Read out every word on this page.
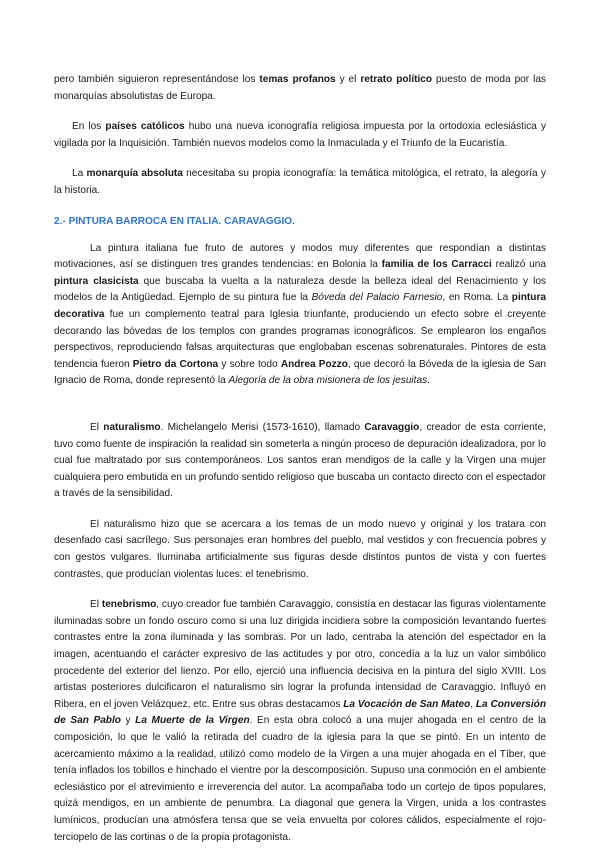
pero también siguieron representándose los temas profanos y el retrato político puesto de moda por las monarquías absolutistas de Europa.

En los países católicos hubo una nueva iconografía religiosa impuesta por la ortodoxia eclesiástica y vigilada por la Inquisición. También nuevos modelos como la Inmaculada y el Triunfo de la Eucaristía.

La monarquía absoluta necesitaba su propia iconografía: la temática mitológica, el retrato, la alegoría y la historia.

2.- PINTURA BARROCA EN ITALIA. CARAVAGGIO.

La pintura italiana fue fruto de autores y modos muy diferentes que respondían a distintas motivaciones, así se distinguen tres grandes tendencias: en Bolonia la familia de los Carracci realizó una pintura clasicista que buscaba la vuelta a la naturaleza desde la belleza ideal del Renacimiento y los modelos de la Antigüedad. Ejemplo de su pintura fue la Bóveda del Palacio Farnesio, en Roma. La pintura decorativa fue un complemento teatral para Iglesia triunfante, produciendo un efecto sobre el creyente decorando las bóvedas de los templos con grandes programas iconográficos. Se emplearon los engaños perspectivos, reproduciendo falsas arquitecturas que englobaban escenas sobrenaturales. Pintores de esta tendencia fueron Pietro da Cortona y sobre todo Andrea Pozzo, que decoró la Bóveda de la iglesia de San Ignacio de Roma, donde representó la Alegoría de la obra misionera de los jesuitas.

El naturalismo. Michelangelo Merisi (1573-1610), llamado Caravaggio, creador de esta corriente, tuvo como fuente de inspiración la realidad sin someterla a ningún proceso de depuración idealizadora, por lo cual fue maltratado por sus contemporáneos. Los santos eran mendigos de la calle y la Virgen una mujer cualquiera pero embutida en un profundo sentido religioso que buscaba un contacto directo con el espectador a través de la sensibilidad.

El naturalismo hizo que se acercara a los temas de un modo nuevo y original y los tratara con desenfado casi sacrílego. Sus personajes eran hombres del pueblo, mal vestidos y con frecuencia pobres y con gestos vulgares. Iluminaba artificialmente sus figuras desde distintos puntos de vista y con fuertes contrastes, que producían violentas luces: el tenebrismo.

El tenebrismo, cuyo creador fue también Caravaggio, consistía en destacar las figuras violentamente iluminadas sobre un fondo oscuro como si una luz dirigida incidiera sobre la composición levantando fuertes contrastes entre la zona iluminada y las sombras. Por un lado, centraba la atención del espectador en la imagen, acentuando el carácter expresivo de las actitudes y por otro, concedía a la luz un valor simbólico procedente del exterior del lienzo. Por ello, ejerció una influencia decisiva en la pintura del siglo XVIII. Los artistas posteriores dulcificaron el naturalismo sin lograr la profunda intensidad de Caravaggio. Influyó en Ribera, en el joven Velázquez, etc. Entre sus obras destacamos La Vocación de San Mateo, La Conversión de San Pablo y La Muerte de la Virgen. En esta obra colocó a una mujer ahogada en el centro de la composición, lo que le valió la retirada del cuadro de la iglesia para la que se pintó. En un intento de acercamiento máximo a la realidad, utilizó como modelo de la Virgen a una mujer ahogada en el Tíber, que tenía inflados los tobillos e hinchado el vientre por la descomposición. Supuso una conmoción en el ambiente eclesiástico por el atrevimiento e irreverencia del autor. La acompañaba todo un cortejo de tipos populares, quizá mendigos, en un ambiente de penumbra. La diagonal que genera la Virgen, unida a los contrastes lumínicos, producían una atmósfera tensa que se veía envuelta por colores cálidos, especialmente el rojo-terciopelo de las cortinas o de la propia protagonista.
